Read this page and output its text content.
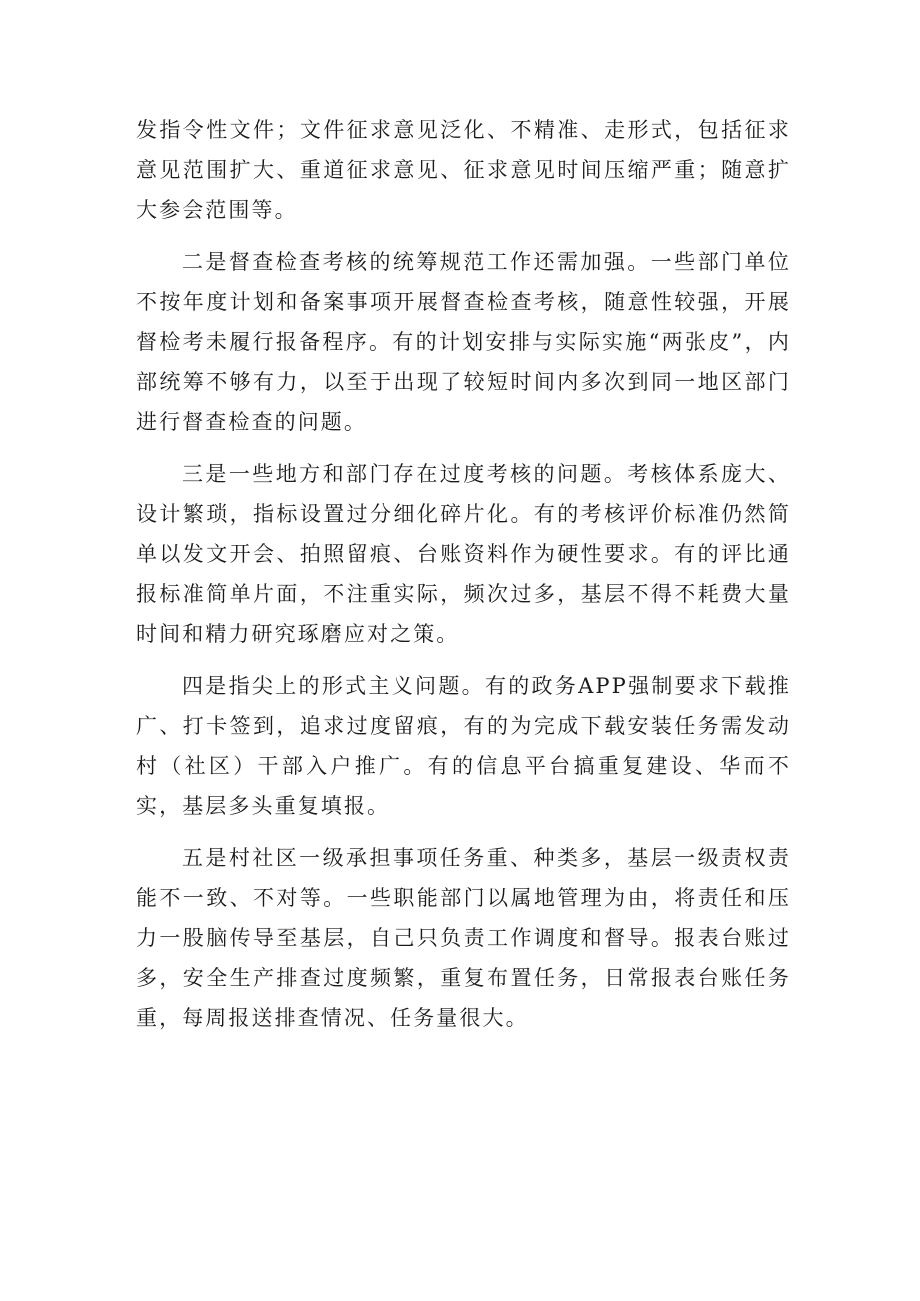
发指令性文件；文件征求意见泛化、不精准、走形式，包括征求意见范围扩大、重道征求意见、征求意见时间压缩严重；随意扩大参会范围等。

二是督查检查考核的统筹规范工作还需加强。一些部门单位不按年度计划和备案事项开展督查检查考核，随意性较强，开展督检考未履行报备程序。有的计划安排与实际实施“两张皮”，内部统筹不够有力，以至于出现了较短时间内多次到同一地区部门进行督查检查的问题。

三是一些地方和部门存在过度考核的问题。考核体系庞大、设计繁琐，指标设置过分细化碎片化。有的考核评价标准仍然简单以发文开会、拍照留痕、台账资料作为硬性要求。有的评比通报标准简单片面，不注重实际，频次过多，基层不得不耗费大量时间和精力研究琢磨应对之策。

四是指尖上的形式主义问题。有的政务APP强制要求下载推广、打卡签到，追求过度留痕，有的为完成下载安装任务需发动村（社区）干部入户推广。有的信息平台搞重复建设、华而不实，基层多头重复填报。

五是村社区一级承担事项任务重、种类多，基层一级责权责能不一致、不对等。一些职能部门以属地管理为由，将责任和压力一股脑传导至基层，自己只负责工作调度和督导。报表台账过多，安全生产排查过度频繁，重复布置任务，日常报表台账任务重，每周报送排查情况、任务量很大。
